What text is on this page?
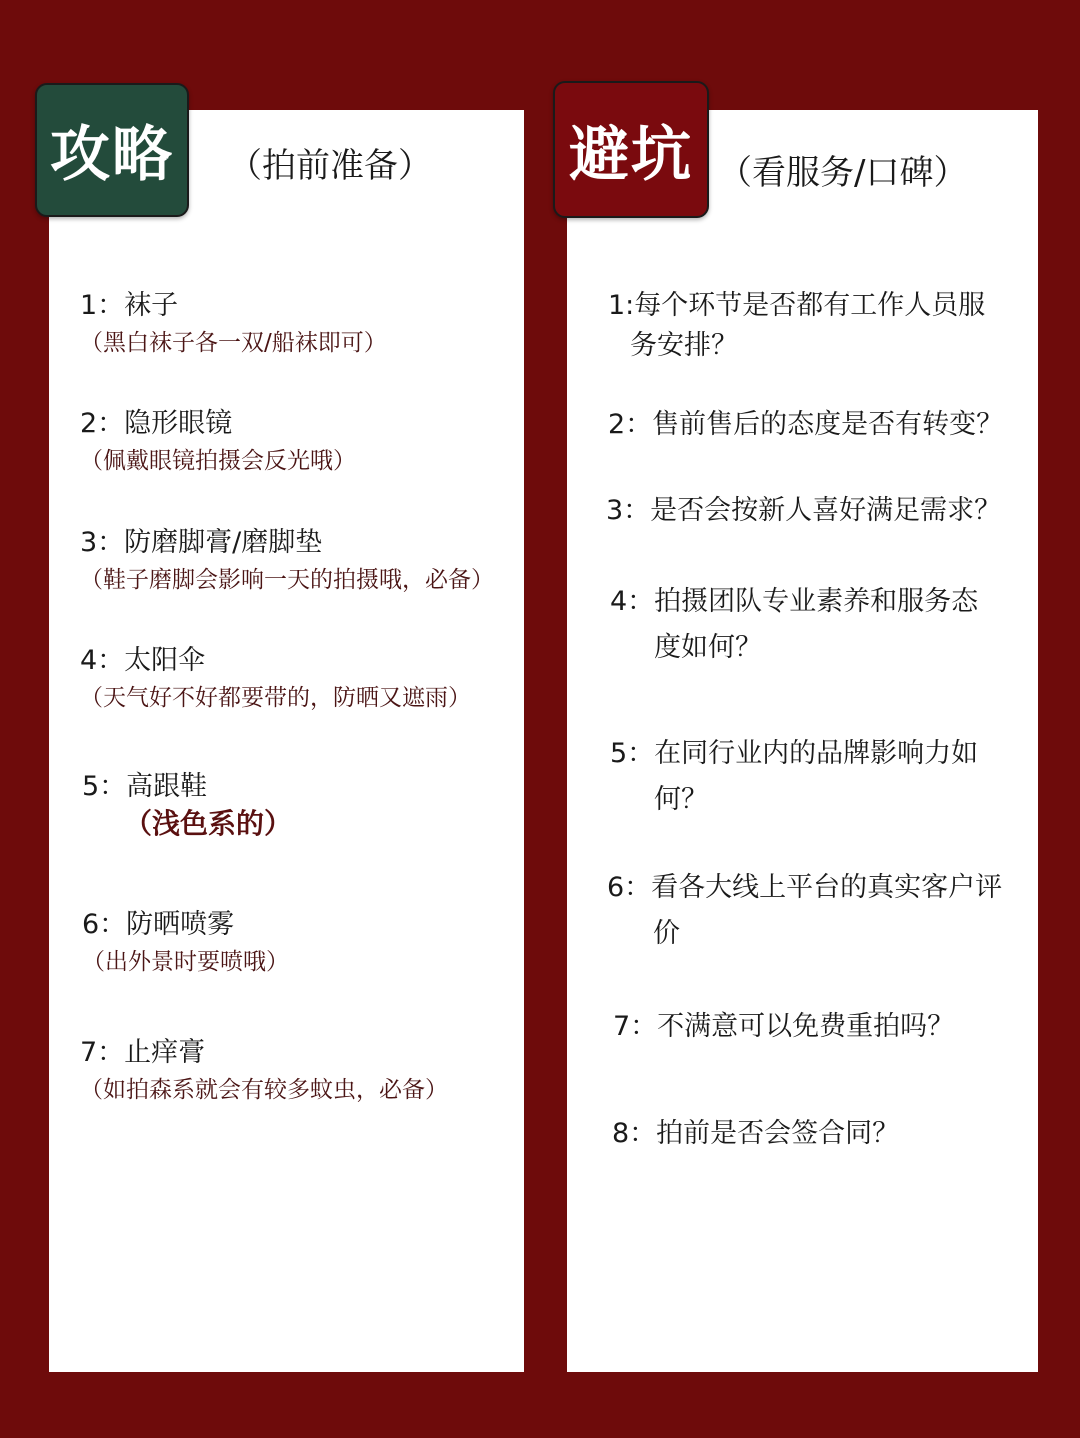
攻略	（拍前准备） 避坑 （看服务/口碑）
1：袜子
（黑白袜子各一双/船袜即可）
2：隐形眼镜
（佩戴眼镜拍摄会反光哦）
3：防磨脚膏/磨脚垫
（鞋子磨脚会影响一天的拍摄哦，必备）
4：太阳伞
（天气好不好都要带的，防晒又遮雨）
5：高跟鞋
（浅色系的）
6：防晒喷雾
（出外景时要喷哦）
7：止痒膏
（如拍森系就会有较多蚊虫，必备）
1:每个环节是否都有工作人员服
务安排？
2：售前售后的态度是否有转变？
3：是否会按新人喜好满足需求？
4：拍摄团队专业素养和服务态
度如何？
5：在同行业内的品牌影响力如
何？
6：看各大线上平台的真实客户评
价
7：不满意可以免费重拍吗？
8：拍前是否会签合同？
